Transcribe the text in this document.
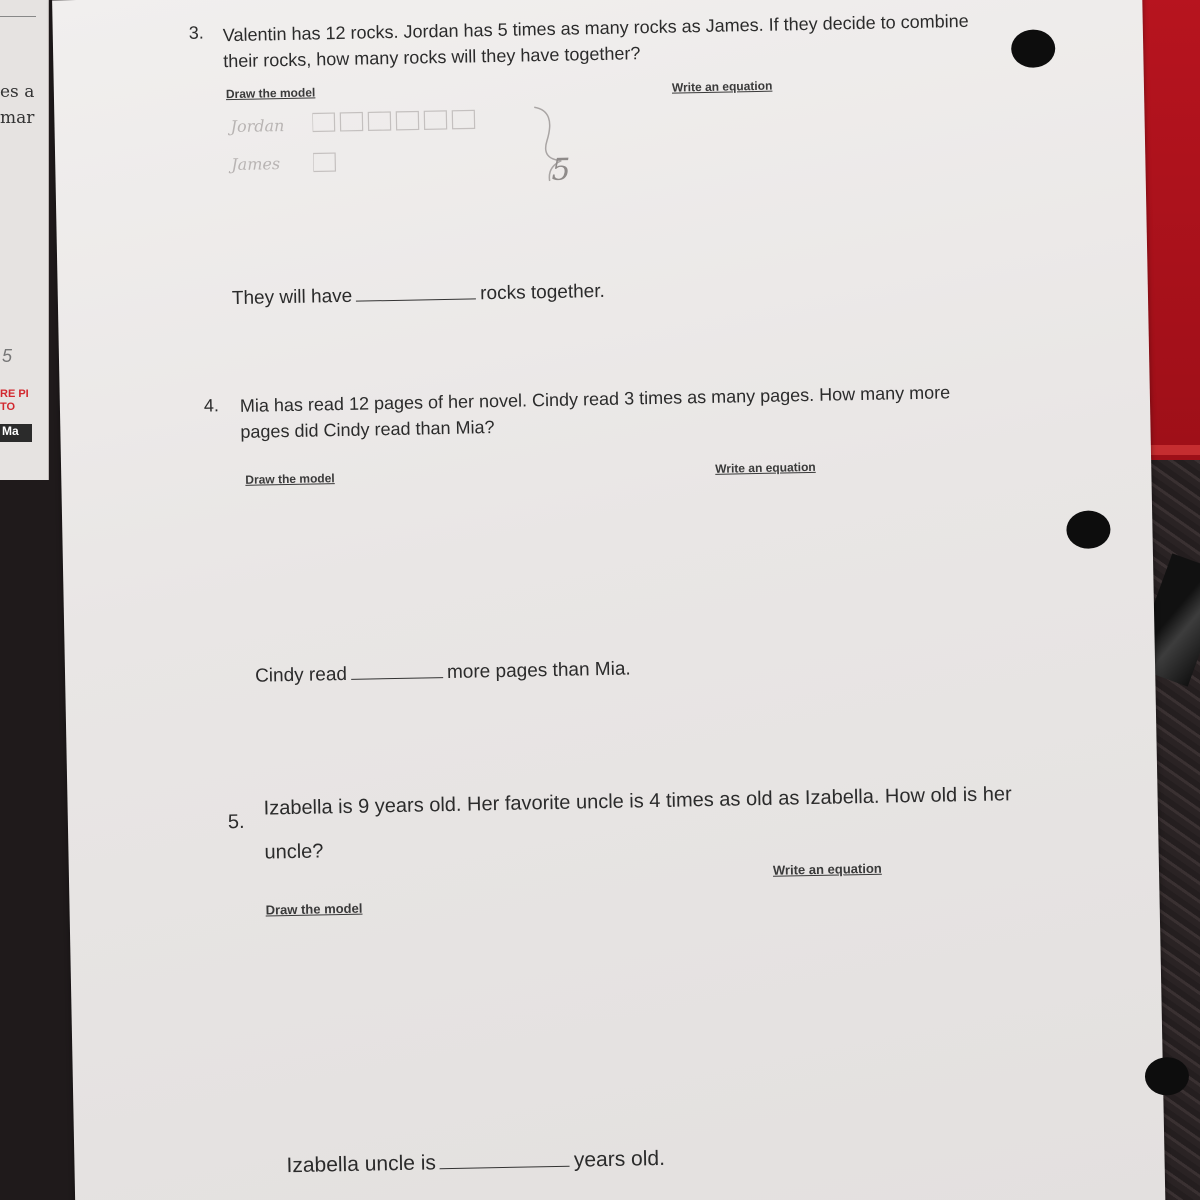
es a
mar
5
RE PI
TO
Ma
3. Valentin has 12 rocks. Jordan has 5 times as many rocks as James. If they decide to combine their rocks, how many rocks will they have together?
Draw the model	Write an equation
Jordan
James	5
They will have	rocks together.
4. Mia has read 12 pages of her novel. Cindy read 3 times as many pages. How many more pages did Cindy read than Mia?
Draw the model
Write an equation
Cindy read	more pages than Mia.
5.
Izabella is 9 years old. Her favorite uncle is 4 times as old as Izabella. How old is her uncle?
Draw the model
Write an equation
Izabella uncle is	years old.
